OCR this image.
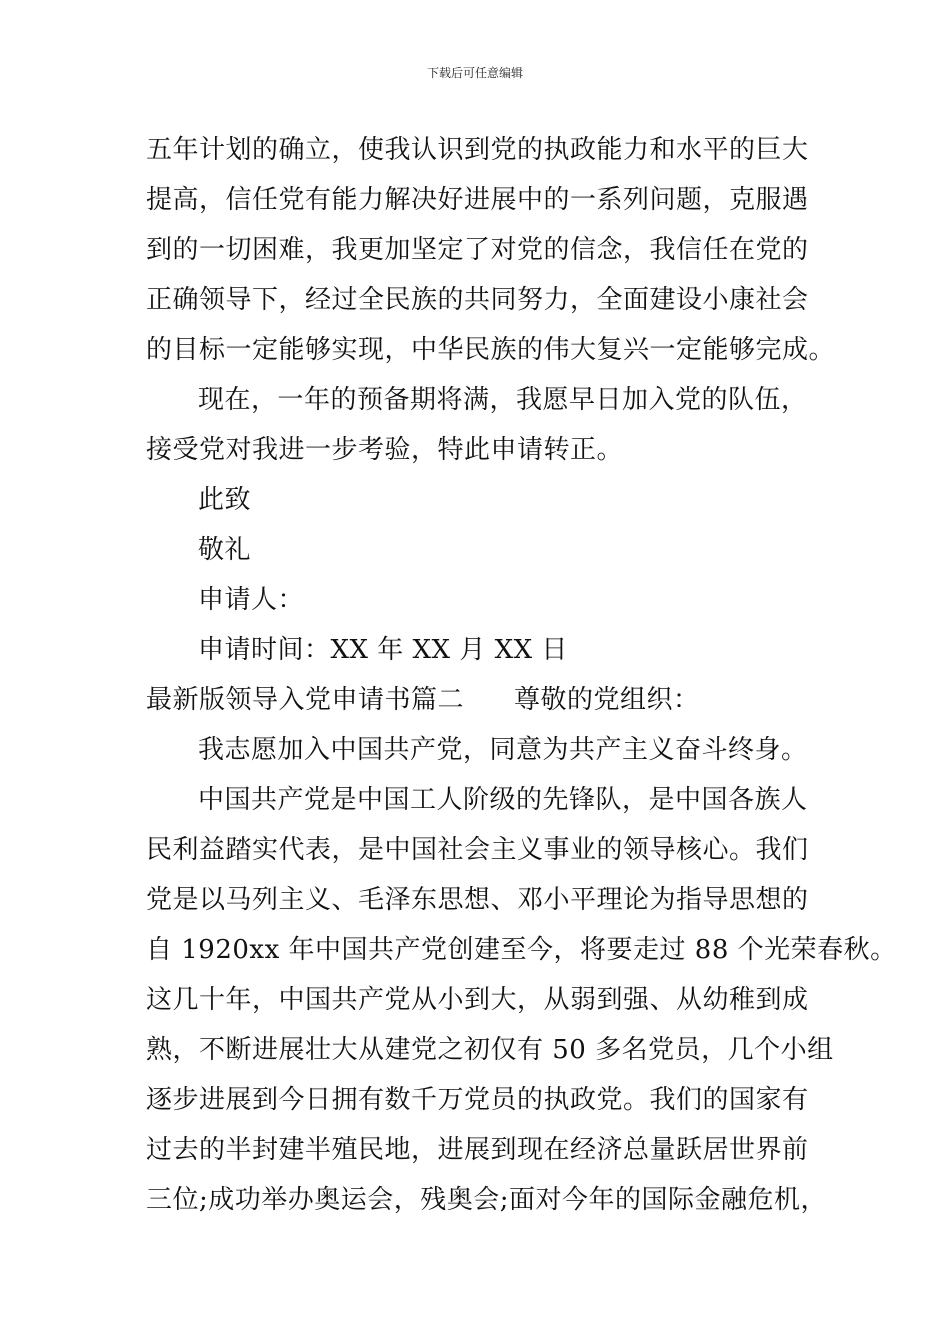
下载后可任意编辑
五年计划的确立，使我认识到党的执政能力和水平的巨大
提高，信任党有能力解决好进展中的一系列问题，克服遇
到的一切困难，我更加坚定了对党的信念，我信任在党的
正确领导下，经过全民族的共同努力，全面建设小康社会
的目标一定能够实现，中华民族的伟大复兴一定能够完成。
现在，一年的预备期将满，我愿早日加入党的队伍，
接受党对我进一步考验，特此申请转正。
此致
敬礼
申请人：
申请时间：XX 年 XX 月 XX 日
最新版领导入党申请书篇二 尊敬的党组织：
我志愿加入中国共产党，同意为共产主义奋斗终身。
中国共产党是中国工人阶级的先锋队，是中国各族人
民利益踏实代表，是中国社会主义事业的领导核心。我们
党是以马列主义、毛泽东思想、邓小平理论为指导思想的
自 1920xx 年中国共产党创建至今，将要走过 88 个光荣春秋。
这几十年，中国共产党从小到大，从弱到强、从幼稚到成
熟，不断进展壮大从建党之初仅有 50 多名党员，几个小组
逐步进展到今日拥有数千万党员的执政党。我们的国家有
过去的半封建半殖民地，进展到现在经济总量跃居世界前
三位;成功举办奥运会，残奥会;面对今年的国际金融危机，
